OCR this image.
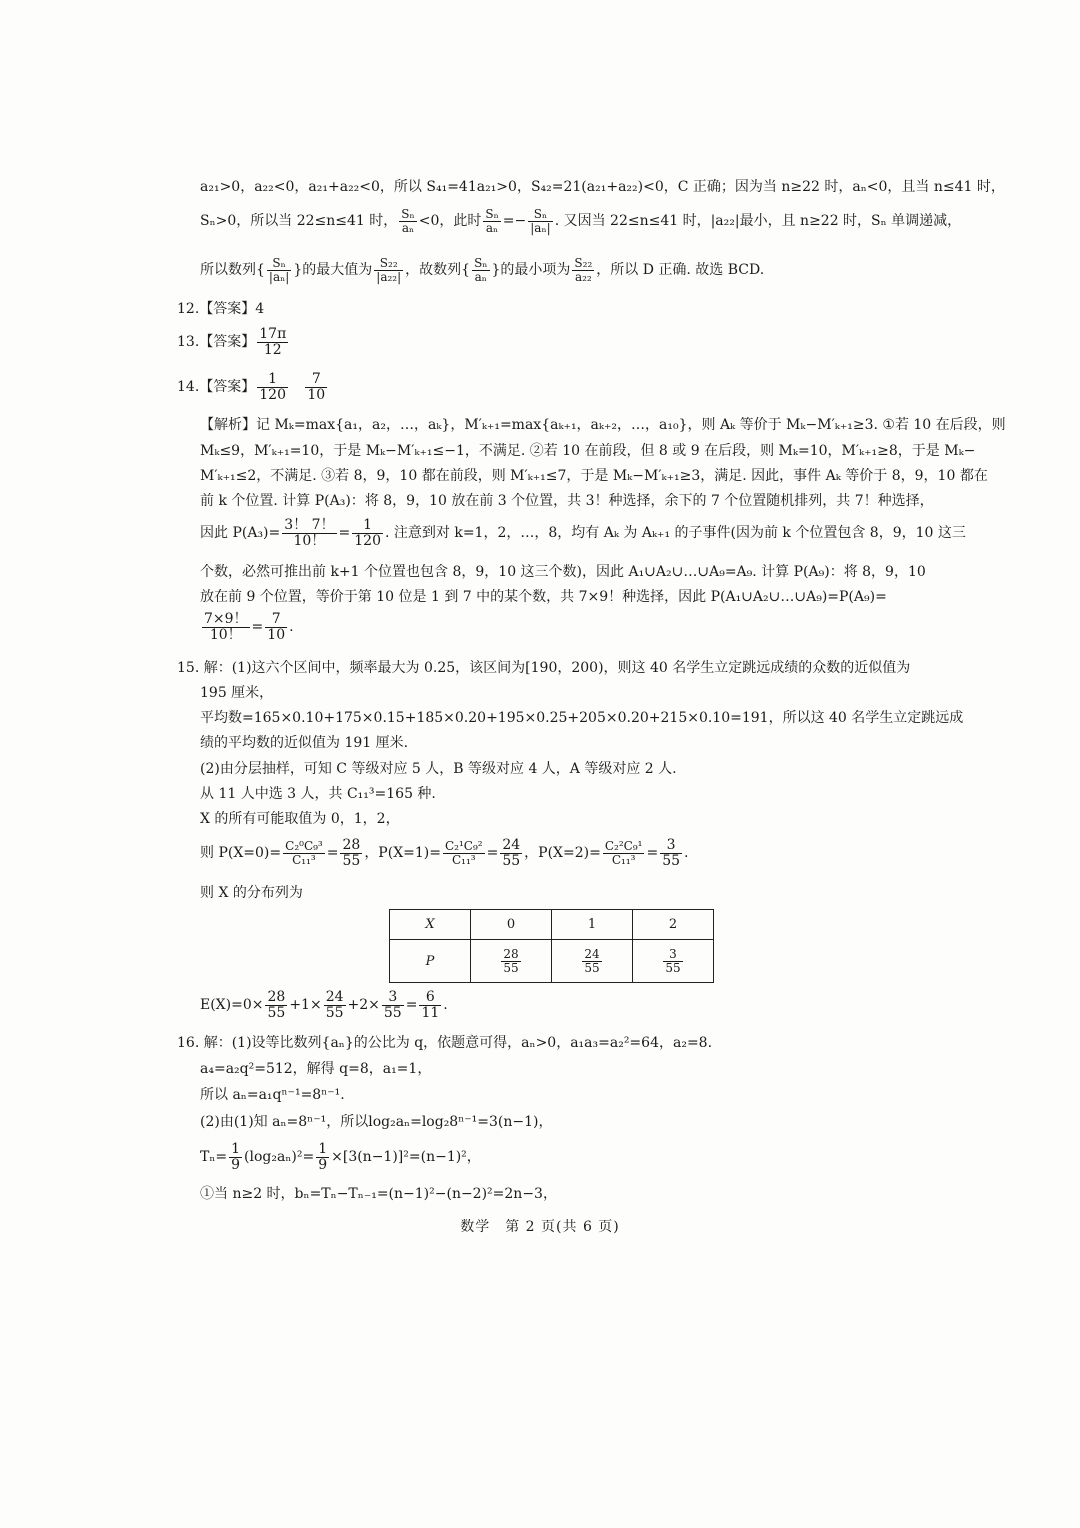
a₂₁>0，a₂₂<0，a₂₁+a₂₂<0，所以 S₄₁=41a₂₁>0，S₄₂=21(a₂₁+a₂₂)<0，C 正确；因为当 n≥22 时，aₙ<0，且当 n≤41 时，
Sₙ>0，所以当 22≤n≤41 时， $\frac{\text{Sₙ}}{\text{aₙ}} <0$，此时 $\frac{\text{Sₙ}}{\text{aₙ}} =- \frac{\text{Sₙ}}{\text{|aₙ|}}$ . 又因当 22≤n≤41 时，|a₂₂|最小，且 n≥22 时，Sₙ 单调递减，
所以数列{ $\frac{\text{Sₙ}}{\text{|aₙ|}}$ }的最大值为 $\frac{\text{S₂₂}}{\text{|a₂₂|}}$ ，故数列{ $\frac{\text{Sₙ}}{\text{aₙ}}$ }的最小项为 $\frac{\text{S₂₂}}{\text{a₂₂}}$ ，所以 D 正确. 故选 BCD.
12.【答案】4
13.【答案】 $\frac{17\pi}{12}$
14.【答案】 $\frac{1}{120}$
$\frac{7}{10}$
【解析】记 Mₖ=max{a₁，a₂，…，aₖ}，M′ₖ₊₁=max{aₖ₊₁，aₖ₊₂，…，a₁₀}，则 Aₖ 等价于 Mₖ−M′ₖ₊₁≥3. ①若 10 在后段，则
Mₖ≤9，M′ₖ₊₁=10，于是 Mₖ−M′ₖ₊₁≤−1，不满足. ②若 10 在前段，但 8 或 9 在后段，则 Mₖ=10，M′ₖ₊₁≥8，于是 Mₖ−
M′ₖ₊₁≤2，不满足. ③若 8，9，10 都在前段，则 M′ₖ₊₁≤7，于是 Mₖ−M′ₖ₊₁≥3，满足. 因此，事件 Aₖ 等价于 8，9，10 都在
前 k 个位置. 计算 P(A₃)：将 8，9，10 放在前 3 个位置，共 3！种选择，余下的 7 个位置随机排列，共 7！种选择，
因此 $P(A_3)= \frac{3! 7!}{10!} = \frac{1}{120}$ . 注意到对 k=1，2，…，8，均有 Aₖ 为 Aₖ₊₁ 的子事件(因为前 k 个位置包含 8，9，10 这三
个数，必然可推出前 k+1 个位置也包含 8，9，10 这三个数)，因此 A₁∪A₂∪…∪A₉=A₉. 计算 P(A₉)：将 8，9，10
放在前 9 个位置，等价于第 10 位是 1 到 7 中的某个数，共 7×9！种选择，因此 P(A₁∪A₂∪…∪A₉)=P(A₉)=
$\frac{7\times 9!}{10!} = \frac{7}{10}$ .
15. 解：(1)这六个区间中，频率最大为 0.25，该区间为[190，200)，则这 40 名学生立定跳远成绩的众数的近似值为
195 厘米，
平均数=165×0.10+175×0.15+185×0.20+195×0.25+205×0.20+215×0.10=191，所以这 40 名学生立定跳远成
绩的平均数的近似值为 191 厘米.
(2)由分层抽样，可知 C 等级对应 5 人，B 等级对应 4 人，A 等级对应 2 人.
从 11 人中选 3 人，共 C₁₁³=165 种.
X 的所有可能取值为 0，1，2，
则 $P(X=0)= \frac{\text{C₂⁰C₉³}}{\text{C₁₁³}} = \frac{28}{55}$ ，$P(X=1)= \frac{\text{C₂¹C₉²}}{\text{C₁₁³}} = \frac{24}{55}$ ，$P(X=2)= \frac{\text{C₂²C₉¹}}{\text{C₁₁³}} = \frac{3}{55}$ .
则 X 的分布列为
X	0	1	2
P	$\frac{28}{55}$	$\frac{24}{55}$	$\frac{3}{55}$
$E(X)=0\times \frac{28}{55} +1\times \frac{24}{55} +2\times \frac{3}{55} = \frac{6}{11}$ .
16. 解：(1)设等比数列{aₙ}的公比为 q，依题意可得，aₙ>0，a₁a₃=a₂²=64，a₂=8.
a₄=a₂q²=512，解得 q=8，a₁=1，
所以 aₙ=a₁qⁿ⁻¹=8ⁿ⁻¹.
(2)由(1)知 aₙ=8ⁿ⁻¹，所以log₂aₙ=log₂8ⁿ⁻¹=3(n−1)，
$T_n= \frac{1}{9} (\log_2a_n)^2= \frac{1}{9} \times[3(n-1)]^2=(n-1)^2$，
①当 n≥2 时，bₙ=Tₙ−Tₙ₋₁=(n−1)²−(n−2)²=2n−3，
数学　第 2 页(共 6 页)
